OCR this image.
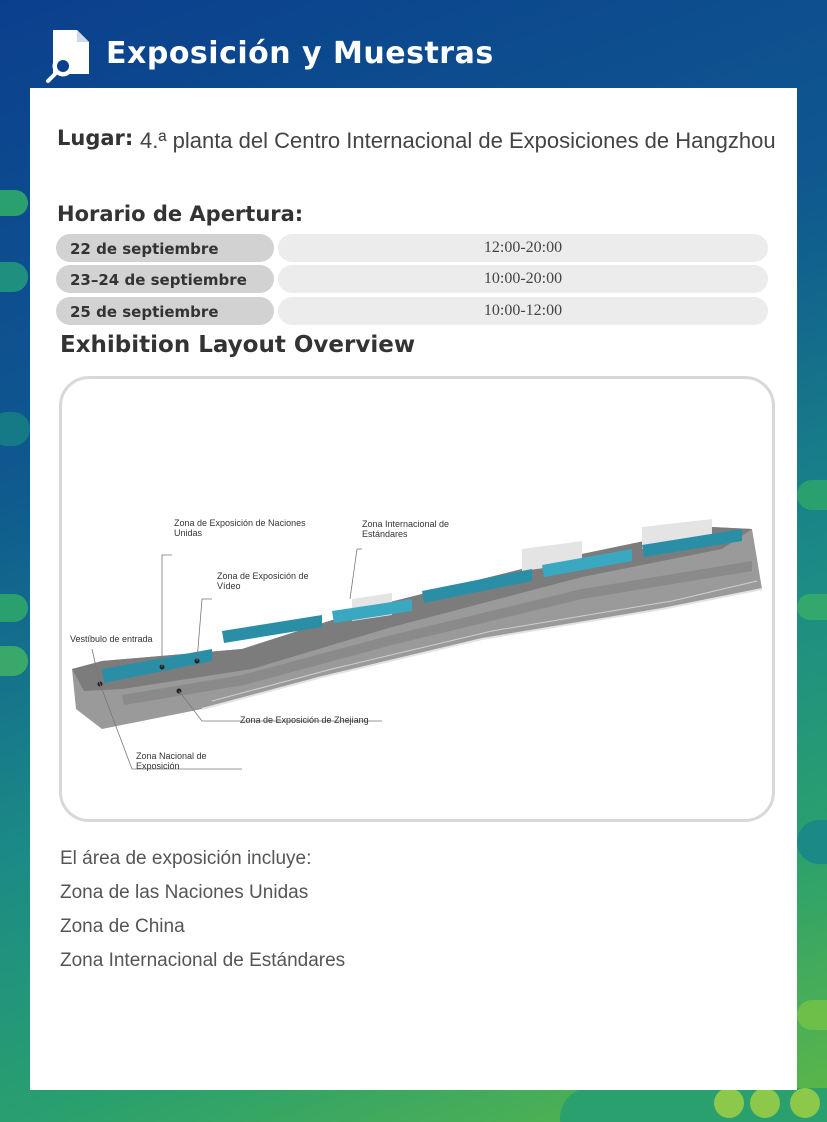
Exposición y Muestras
Lugar: 4.ª planta del Centro Internacional de Exposiciones de Hangzhou
Horario de Apertura:
22 de septiembre	12:00-20:00
23–24 de septiembre	10:00-20:00
25 de septiembre	10:00-12:00
Exhibition Layout Overview
Zona de Exposición de Naciones Unidas
Zona Internacional de Estándares
Zona de Exposición de Vídeo
Vestíbulo de entrada
Zona de Exposición de Zhejiang
Zona Nacional de Exposición
El área de exposición incluye:
Zona de las Naciones Unidas
Zona de China
Zona Internacional de Estándares
